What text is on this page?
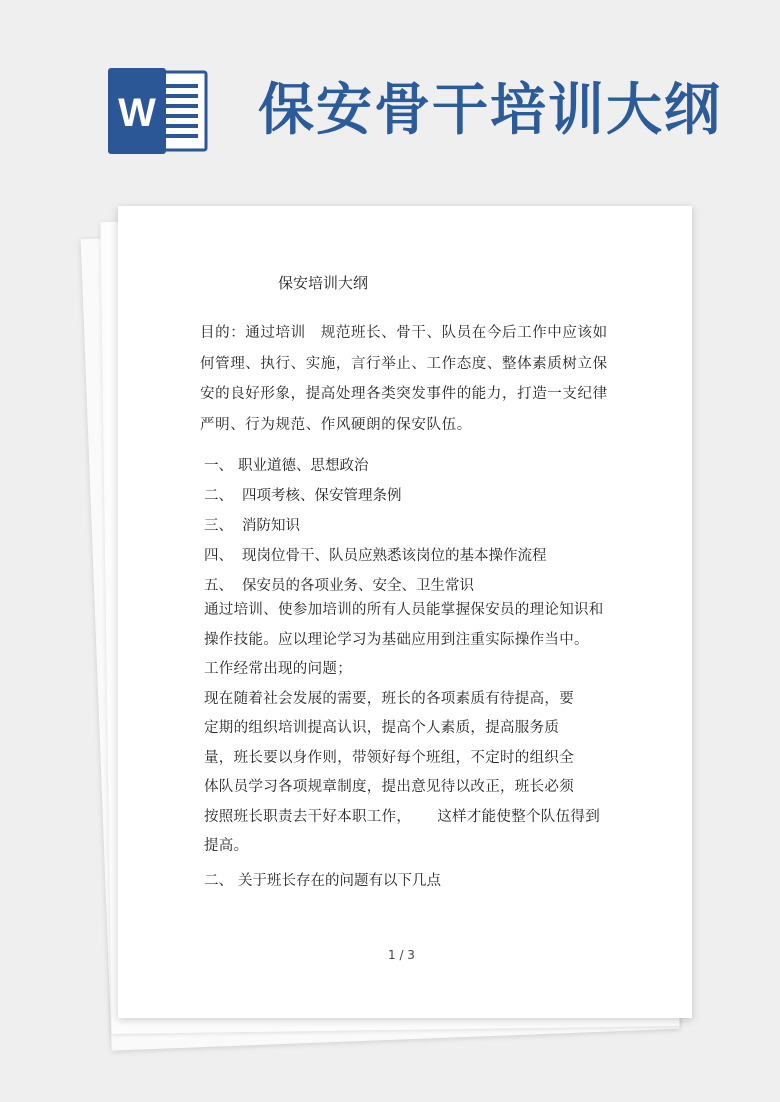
W 保安骨干培训大纲
保安培训大纲

目的：通过培训　规范班长、骨干、队员在今后工作中应该如

何管理、执行、实施，言行举止、工作态度、整体素质树立保

安的良好形象，提高处理各类突发事件的能力，打造一支纪律

严明、行为规范、作风硬朗的保安队伍。

一、 职业道德、思想政治
二、 四项考核、保安管理条例
三、 消防知识
四、 现岗位骨干、队员应熟悉该岗位的基本操作流程
五、 保安员的各项业务、安全、卫生常识

通过培训、使参加培训的所有人员能掌握保安员的理论知识和

操作技能。应以理论学习为基础应用到注重实际操作当中。

工作经常出现的问题；

现在随着社会发展的需要，班长的各项素质有待提高，要

定期的组织培训提高认识，提高个人素质，提高服务质

量，班长要以身作则，带领好每个班组，不定时的组织全

体队员学习各项规章制度，提出意见待以改正，班长必须

按照班长职责去干好本职工作， 这样才能使整个队伍得到

提高。

二、 关于班长存在的问题有以下几点
1 / 3
